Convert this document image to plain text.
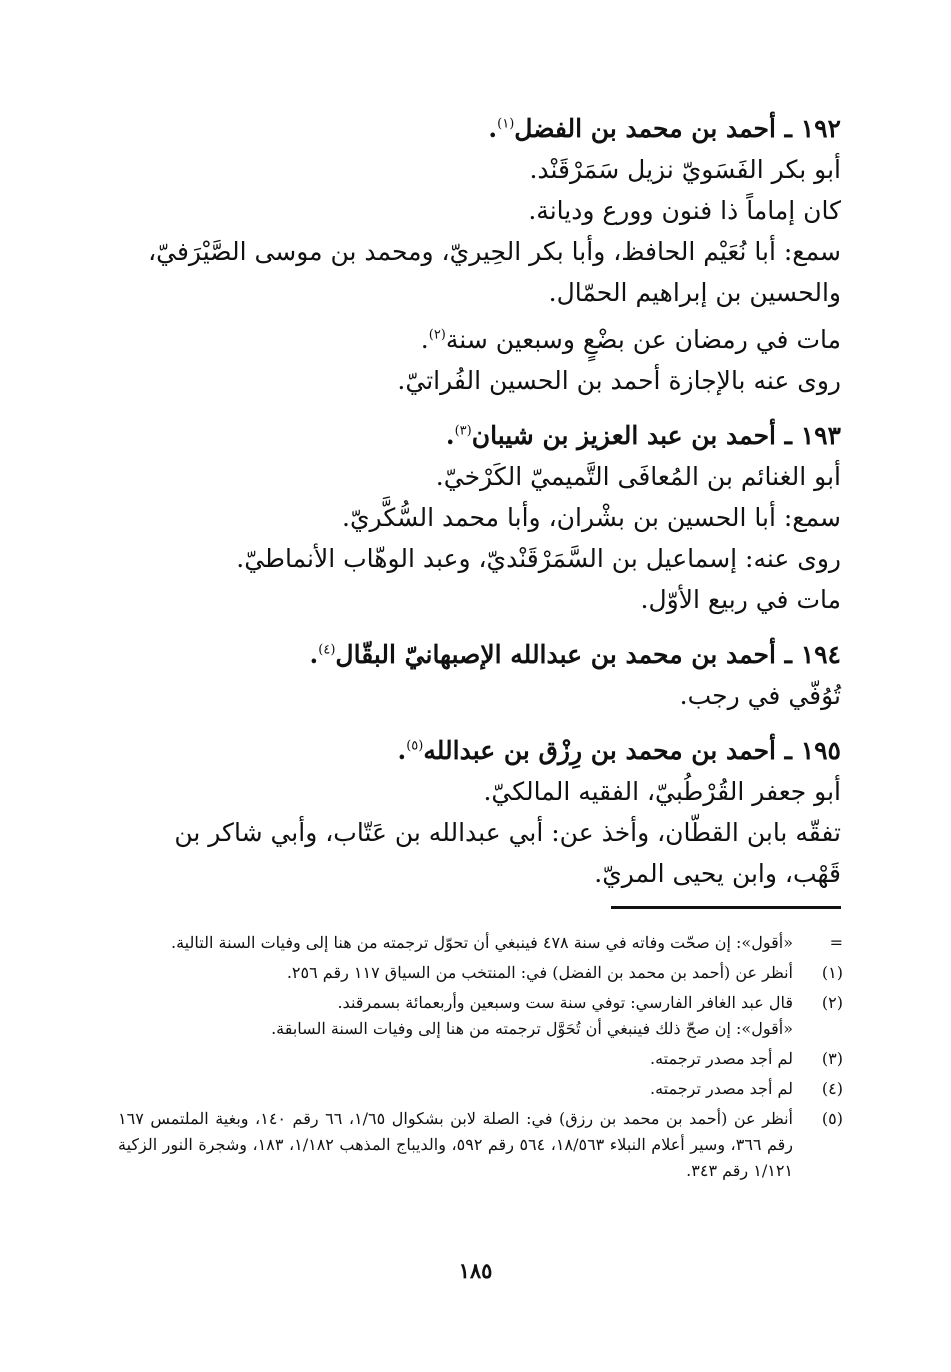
١٩٢ ـ أحمد بن محمد بن الفضل$^{(١)}$.
أبو بكر الفَسَويّ نزيل سَمَرْقَنْد.
كان إماماً ذا فنون وورع وديانة.
سمع: أبا نُعَيْم الحافظ، وأبا بكر الحِيريّ، ومحمد بن موسى الصَّيْرَفيّ،
والحسين بن إبراهيم الحمّال.
مات في رمضان عن بضْعٍ وسبعين سنة$^{(٢)}$.
روى عنه بالإجازة أحمد بن الحسين الفُراتيّ.
١٩٣ ـ أحمد بن عبد العزيز بن شيبان$^{(٣)}$.
أبو الغنائم بن المُعافَى التَّميميّ الكَرْخيّ.
سمع: أبا الحسين بن بشْران، وأبا محمد السُّكَّريّ.
روى عنه: إسماعيل بن السَّمَرْقَنْديّ، وعبد الوهّاب الأنماطيّ.
مات في ربيع الأوّل.
١٩٤ ـ أحمد بن محمد بن عبدالله الإصبهانيّ البقّال$^{(٤)}$.
تُوُفّي في رجب.
١٩٥ ـ أحمد بن محمد بن رِزْق بن عبدالله$^{(٥)}$.
أبو جعفر القُرْطُبيّ، الفقيه المالكيّ.
تفقّه بابن القطّان، وأخذ عن: أبي عبدالله بن عَتّاب، وأبي شاكر بن
قَهْب، وابن يحيى المريّ.
=
«أقول»: إن صحّت وفاته في سنة ٤٧٨ فينبغي أن تحوّل ترجمته من هنا إلى وفيات السنة التالية.
(١)
أنظر عن (أحمد بن محمد بن الفضل) في: المنتخب من السياق ١١٧ رقم ٢٥٦.
(٢)
قال عبد الغافر الفارسي: توفي سنة ست وسبعين وأربعمائة بسمرقند.
«أقول»: إن صحّ ذلك فينبغي أن تُحَوَّل ترجمته من هنا إلى وفيات السنة السابقة.
(٣)
لم أجد مصدر ترجمته.
(٤)
لم أجد مصدر ترجمته.
(٥)
أنظر عن (أحمد بن محمد بن رزق) في: الصلة لابن بشكوال ١/٦٥، ٦٦ رقم ١٤٠، وبغية الملتمس ١٦٧ رقم ٣٦٦، وسير أعلام النبلاء ١٨/٥٦٣، ٥٦٤ رقم ٥٩٢، والديباج المذهب ١/١٨٢، ١٨٣، وشجرة النور الزكية ١/١٢١ رقم ٣٤٣.
١٨٥
